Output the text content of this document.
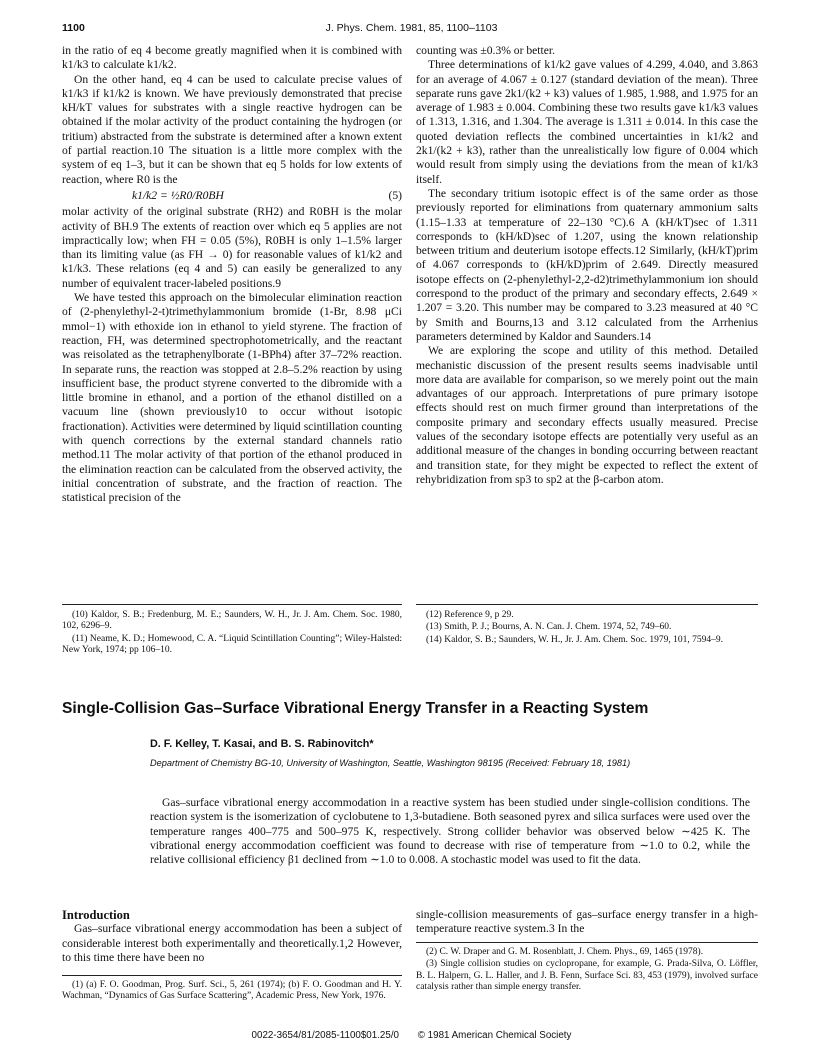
1100	J. Phys. Chem. 1981, 85, 1100–1103

in the ratio of eq 4 become greatly magnified when it is combined with k1/k3 to calculate k1/k2.

On the other hand, eq 4 can be used to calculate precise values of k1/k3 if k1/k2 is known. We have previously demonstrated that precise kH/kT values for substrates with a single reactive hydrogen can be obtained if the molar activity of the product containing the hydrogen (or tritium) abstracted from the substrate is determined after a known extent of partial reaction.10 The situation is a little more complex with the system of eq 1–3, but it can be shown that eq 5 holds for low extents of reaction, where R0 is the

k1/k2 = ½R0/R0BH	(5)

molar activity of the original substrate (RH2) and R0BH is the molar activity of BH.9 The extents of reaction over which eq 5 applies are not impractically low; when FH = 0.05 (5%), R0BH is only 1–1.5% larger than its limiting value (as FH → 0) for reasonable values of k1/k2 and k1/k3. These relations (eq 4 and 5) can easily be generalized to any number of equivalent tracer-labeled positions.9

We have tested this approach on the bimolecular elimination reaction of (2-phenylethyl-2-t)trimethylammonium bromide (1-Br, 8.98 μCi mmol−1) with ethoxide ion in ethanol to yield styrene. The fraction of reaction, FH, was determined spectrophotometrically, and the reactant was reisolated as the tetraphenylborate (1-BPh4) after 37–72% reaction. In separate runs, the reaction was stopped at 2.8–5.2% reaction by using insufficient base, the product styrene converted to the dibromide with a little bromine in ethanol, and a portion of the ethanol distilled on a vacuum line (shown previously10 to occur without isotopic fractionation). Activities were determined by liquid scintillation counting with quench corrections by the external standard channels ratio method.11 The molar activity of that portion of the ethanol produced in the elimination reaction can be calculated from the observed activity, the initial concentration of substrate, and the fraction of reaction. The statistical precision of the

counting was ±0.3% or better.

Three determinations of k1/k2 gave values of 4.299, 4.040, and 3.863 for an average of 4.067 ± 0.127 (standard deviation of the mean). Three separate runs gave 2k1/(k2 + k3) values of 1.985, 1.988, and 1.975 for an average of 1.983 ± 0.004. Combining these two results gave k1/k3 values of 1.313, 1.316, and 1.304. The average is 1.311 ± 0.014. In this case the quoted deviation reflects the combined uncertainties in k1/k2 and 2k1/(k2 + k3), rather than the unrealistically low figure of 0.004 which would result from simply using the deviations from the mean of k1/k3 itself.

The secondary tritium isotopic effect is of the same order as those previously reported for eliminations from quaternary ammonium salts (1.15–1.33 at temperature of 22–130 °C).6 A (kH/kT)sec of 1.311 corresponds to (kH/kD)sec of 1.207, using the known relationship between tritium and deuterium isotope effects.12 Similarly, (kH/kT)prim of 4.067 corresponds to (kH/kD)prim of 2.649. Directly measured isotope effects on (2-phenylethyl-2,2-d2)trimethylammonium ion should correspond to the product of the primary and secondary effects, 2.649 × 1.207 = 3.20. This number may be compared to 3.23 measured at 40 °C by Smith and Bourns,13 and 3.12 calculated from the Arrhenius parameters determined by Kaldor and Saunders.14

We are exploring the scope and utility of this method. Detailed mechanistic discussion of the present results seems inadvisable until more data are available for comparison, so we merely point out the main advantages of our approach. Interpretations of pure primary isotope effects should rest on much firmer ground than interpretations of the composite primary and secondary effects usually measured. Precise values of the secondary isotope effects are potentially very useful as an additional measure of the changes in bonding occurring between reactant and transition state, for they might be expected to reflect the extent of rehybridization from sp3 to sp2 at the β-carbon atom.

(10) Kaldor, S. B.; Fredenburg, M. E.; Saunders, W. H., Jr. J. Am. Chem. Soc. 1980, 102, 6296–9.

(11) Neame, K. D.; Homewood, C. A. “Liquid Scintillation Counting”; Wiley-Halsted: New York, 1974; pp 106–10.

(12) Reference 9, p 29.

(13) Smith, P. J.; Bourns, A. N. Can. J. Chem. 1974, 52, 749–60.

(14) Kaldor, S. B.; Saunders, W. H., Jr. J. Am. Chem. Soc. 1979, 101, 7594–9.

Single-Collision Gas–Surface Vibrational Energy Transfer in a Reacting System
D. F. Kelley, T. Kasai, and B. S. Rabinovitch*
Department of Chemistry BG-10, University of Washington, Seattle, Washington 98195 (Received: February 18, 1981)
Gas–surface vibrational energy accommodation in a reactive system has been studied under single-collision conditions. The reaction system is the isomerization of cyclobutene to 1,3-butadiene. Both seasoned pyrex and silica surfaces were used over the temperature ranges 400–775 and 500–975 K, respectively. Strong collider behavior was observed below ∼425 K. The vibrational energy accommodation coefficient was found to decrease with rise of temperature from ∼1.0 to 0.2, while the relative collisional efficiency β1 declined from ∼1.0 to 0.008. A stochastic model was used to fit the data.

Introduction

Gas–surface vibrational energy accommodation has been a subject of considerable interest both experimentally and theoretically.1,2 However, to this time there have been no

single-collision measurements of gas–surface energy transfer in a high-temperature reactive system.3 In the

(1) (a) F. O. Goodman, Prog. Surf. Sci., 5, 261 (1974); (b) F. O. Goodman and H. Y. Wachman, “Dynamics of Gas Surface Scattering”, Academic Press, New York, 1976.

(2) C. W. Draper and G. M. Rosenblatt, J. Chem. Phys., 69, 1465 (1978).

(3) Single collision studies on cyclopropane, for example, G. Prada-Silva, O. Löffler, B. L. Halpern, G. L. Haller, and J. B. Fenn, Surface Sci. 83, 453 (1979), involved surface catalysis rather than simple energy transfer.

0022-3654/81/2085-1100$01.25/0 © 1981 American Chemical Society
